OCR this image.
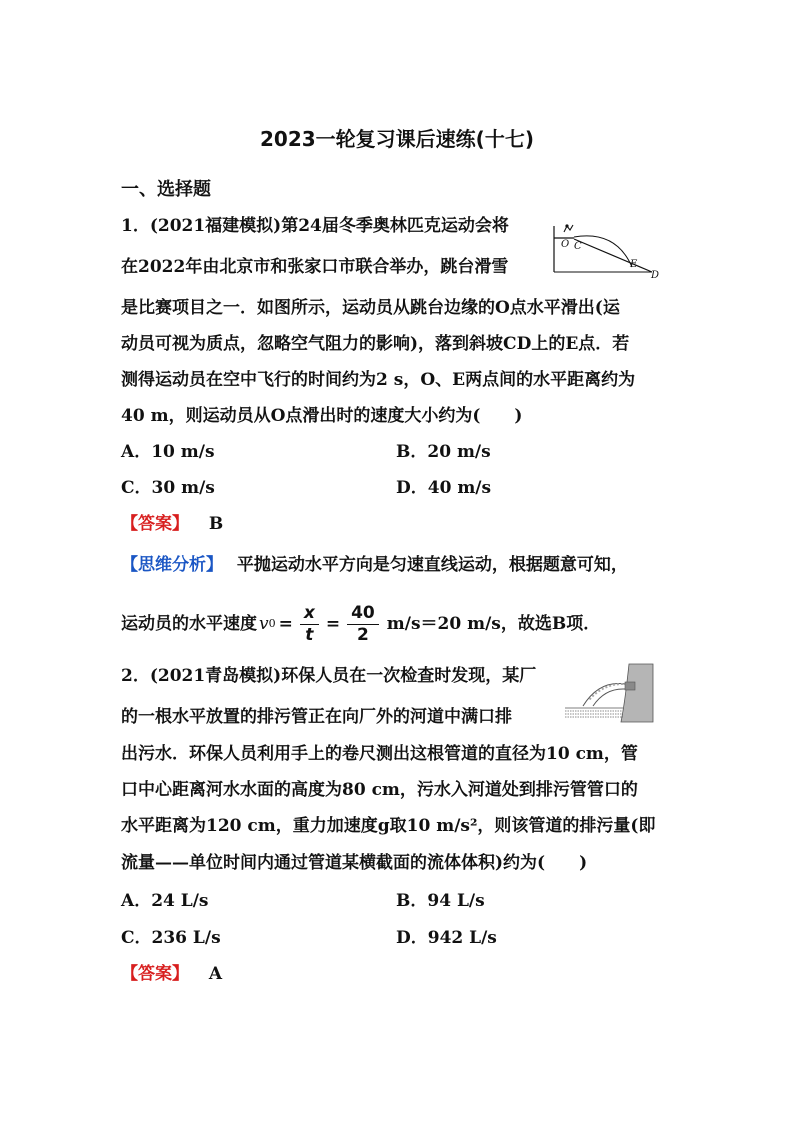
2023一轮复习课后速练(十七)
一、选择题
1．(2021福建模拟)第24届冬季奥林匹克运动会将
在2022年由北京市和张家口市联合举办，跳台滑雪
是比赛项目之一．如图所示，运动员从跳台边缘的O点水平滑出(运
动员可视为质点，忽略空气阻力的影响)，落到斜坡CD上的E点．若
测得运动员在空中飞行的时间约为2 s，O、E两点间的水平距离约为
40 m，则运动员从O点滑出时的速度大小约为(　　)
A．10 m/s	B．20 m/s
C．30 m/s	D．40 m/s
【答案】 B
【思维分析】 平抛运动水平方向是匀速直线运动，根据题意可知，
运动员的水平速度 v $0 = \frac{x}{t} = \frac{40}{2} m/s=20$ m/s，故选B项．
O C
E
D
2．(2021青岛模拟)环保人员在一次检查时发现，某厂
的一根水平放置的排污管正在向厂外的河道中满口排
出污水．环保人员利用手上的卷尺测出这根管道的直径为10 cm，管
口中心距离河水水面的高度为80 cm，污水入河道处到排污管管口的
水平距离为120 cm，重力加速度g取10 m/s²，则该管道的排污量(即
流量——单位时间内通过管道某横截面的流体体积)约为(　　)
A．24 L/s	B．94 L/s
C．236 L/s	D．942 L/s
【答案】 A
